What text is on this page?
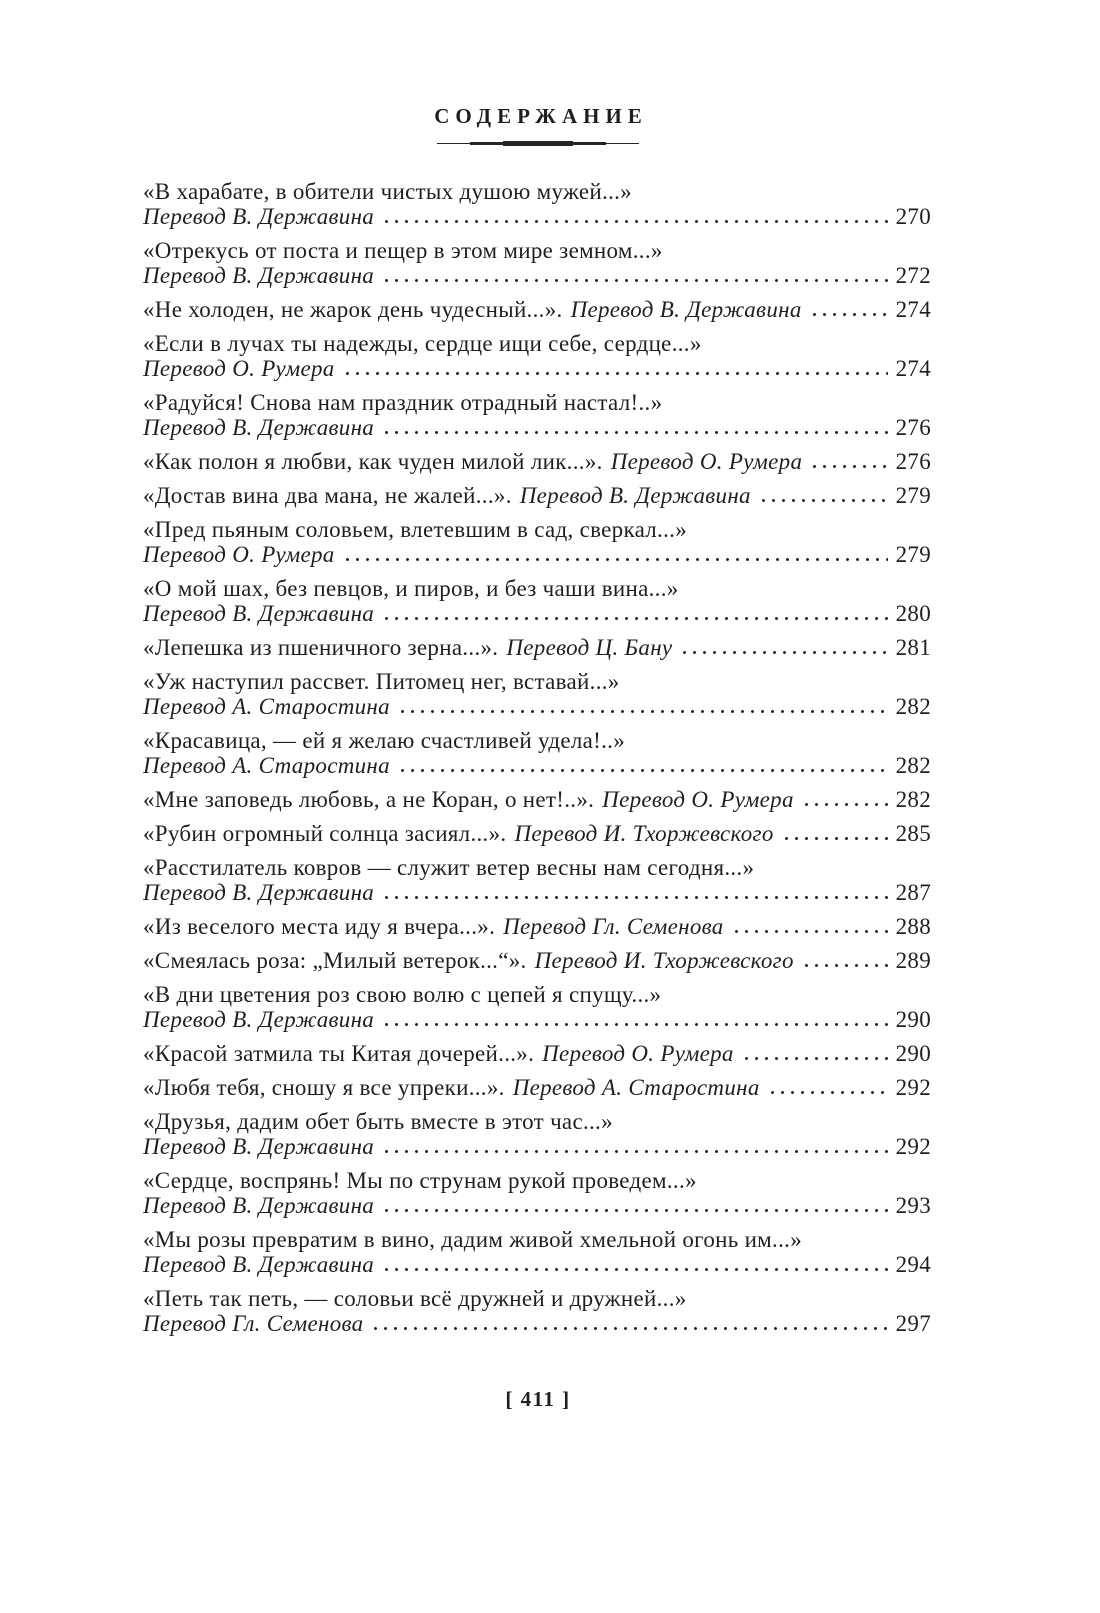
СОДЕРЖАНИЕ
«В харабате, в обители чистых душою мужей...»
Перевод В. Державина	270
«Отрекусь от поста и пещер в этом мире земном...»
Перевод В. Державина	272
«Не холоден, не жарок день чудесный...». Перевод В. Державина	274
«Если в лучах ты надежды, сердце ищи себе, сердце...»
Перевод О. Румера	274
«Радуйся! Снова нам праздник отрадный настал!..»
Перевод В. Державина	276
«Как полон я любви, как чуден милой лик...». Перевод О. Румера	276
«Достав вина два мана, не жалей...». Перевод В. Державина	279
«Пред пьяным соловьем, влетевшим в сад, сверкал...»
Перевод О. Румера	279
«О мой шах, без певцов, и пиров, и без чаши вина...»
Перевод В. Державина	280
«Лепешка из пшеничного зерна...». Перевод Ц. Бану	281
«Уж наступил рассвет. Питомец нег, вставай...»
Перевод А. Старостина	282
«Красавица, — ей я желаю счастливей удела!..»
Перевод А. Старостина	282
«Мне заповедь любовь, а не Коран, о нет!..». Перевод О. Румера	282
«Рубин огромный солнца засиял...». Перевод И. Тхоржевского	285
«Расстилатель ковров — служит ветер весны нам сегодня...»
Перевод В. Державина	287
«Из веселого места иду я вчера...». Перевод Гл. Семенова	288
«Смеялась роза: „Милый ветерок...“». Перевод И. Тхоржевского	289
«В дни цветения роз свою волю с цепей я спущу...»
Перевод В. Державина	290
«Красой затмила ты Китая дочерей...». Перевод О. Румера	290
«Любя тебя, сношу я все упреки...». Перевод А. Старостина	292
«Друзья, дадим обет быть вместе в этот час...»
Перевод В. Державина	292
«Сердце, воспрянь! Мы по струнам рукой проведем...»
Перевод В. Державина	293
«Мы розы превратим в вино, дадим живой хмельной огонь им...»
Перевод В. Державина	294
«Петь так петь, — соловьи всё дружней и дружней...»
Перевод Гл. Семенова	297
[ 411 ]
